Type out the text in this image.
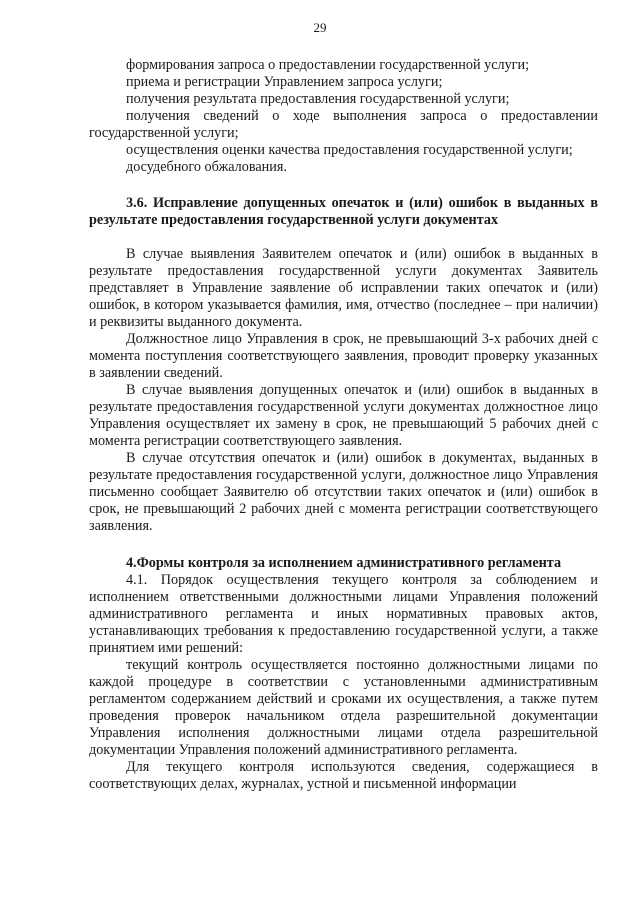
29

формирования запроса о предоставлении государственной услуги;

приема и регистрации Управлением запроса услуги;

получения результата предоставления государственной услуги;

получения сведений о ходе выполнения запроса о предоставлении государственной услуги;

осуществления оценки качества предоставления государственной услуги;

досудебного обжалования.

3.6. Исправление допущенных опечаток и (или) ошибок в выданных в результате предоставления государственной услуги документах

В случае выявления Заявителем опечаток и (или) ошибок в выданных в результате предоставления государственной услуги документах Заявитель представляет в Управление заявление об исправлении таких опечаток и (или) ошибок, в котором указывается фамилия, имя, отчество (последнее – при наличии) и реквизиты выданного документа.

Должностное лицо Управления в срок, не превышающий 3-х рабочих дней с момента поступления соответствующего заявления, проводит проверку указанных в заявлении сведений.

В случае выявления допущенных опечаток и (или) ошибок в выданных в результате предоставления государственной услуги документах должностное лицо Управления осуществляет их замену в срок, не превышающий 5 рабочих дней с момента регистрации соответствующего заявления.

В случае отсутствия опечаток и (или) ошибок в документах, выданных в результате предоставления государственной услуги, должностное лицо Управления письменно сообщает Заявителю об отсутствии таких опечаток и (или) ошибок в срок, не превышающий 2 рабочих дней с момента регистрации соответствующего заявления.

4.Формы контроля за исполнением административного регламента

4.1. Порядок осуществления текущего контроля за соблюдением и исполнением ответственными должностными лицами Управления положений административного регламента и иных нормативных правовых актов, устанавливающих требования к предоставлению государственной услуги, а также принятием ими решений:

текущий контроль осуществляется постоянно должностными лицами по каждой процедуре в соответствии с установленными административным регламентом содержанием действий и сроками их осуществления, а также путем проведения проверок начальником отдела разрешительной документации Управления исполнения должностными лицами отдела разрешительной документации Управления положений административного регламента.

Для текущего контроля используются сведения, содержащиеся в соответствующих делах, журналах, устной и письменной информации
